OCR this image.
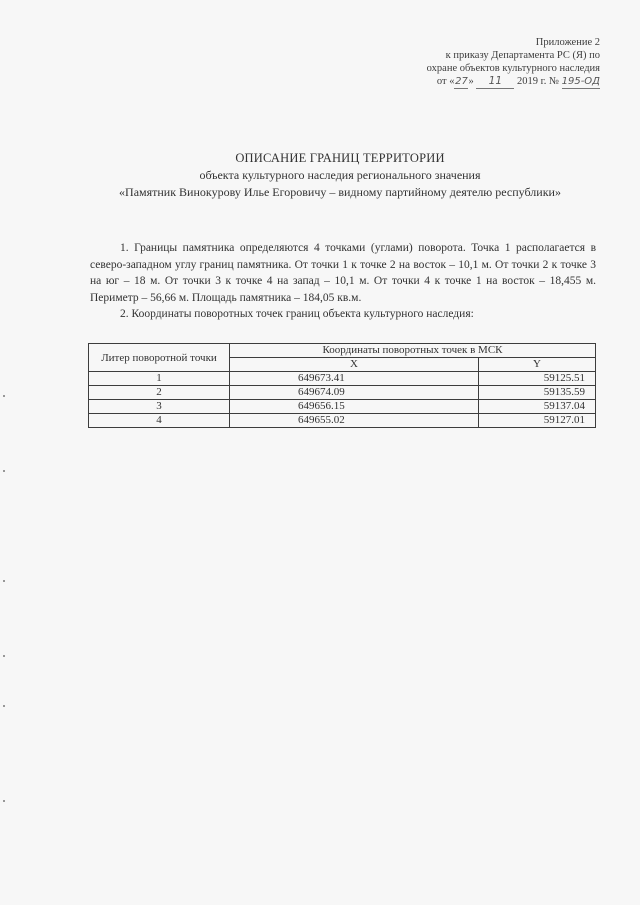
Приложение 2
к приказу Департамента РС (Я) по
охране объектов культурного наследия
от «27» 11 2019 г. № 195-ОД
ОПИСАНИЕ ГРАНИЦ ТЕРРИТОРИИ
объекта культурного наследия регионального значения
«Памятник Винокурову Илье Егоровичу – видному партийному деятелю республики»

1. Границы памятника определяются 4 точками (углами) поворота. Точка 1 располагается в северо-западном углу границ памятника. От точки 1 к точке 2 на восток – 10,1 м. От точки 2 к точке 3 на юг – 18 м. От точки 3 к точке 4 на запад – 10,1 м. От точки 4 к точке 1 на восток – 18,455 м. Периметр – 56,66 м. Площадь памятника – 184,05 кв.м.

2. Координаты поворотных точек границ объекта культурного наследия:

Литер поворотной точки	Координаты поворотных точек в МСК	
	X	Y
1	649673.41	59125.51
2	649674.09	59135.59
3	649656.15	59137.04
4	649655.02	59127.01
